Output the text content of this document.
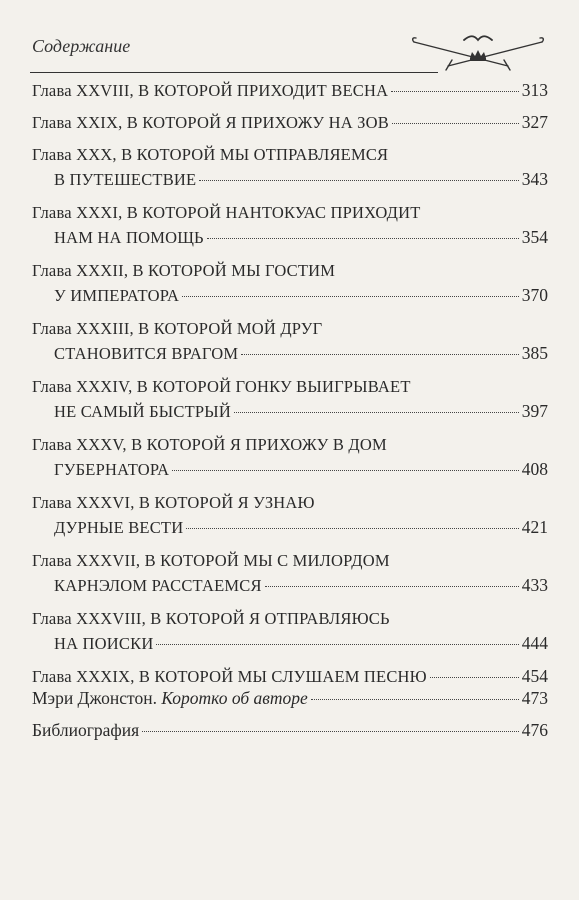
Содержание
Глава XXVIII, В КОТОРОЙ ПРИХОДИТ ВЕСНА	313
Глава XXIX, В КОТОРОЙ Я ПРИХОЖУ НА ЗОВ	327
Глава XXX, В КОТОРОЙ МЫ ОТПРАВЛЯЕМСЯ
В ПУТЕШЕСТВИЕ	343
Глава XXXI, В КОТОРОЙ НАНТОКУАС ПРИХОДИТ
НАМ НА ПОМОЩЬ	354
Глава XXXII, В КОТОРОЙ МЫ ГОСТИМ
У ИМПЕРАТОРА	370
Глава XXXIII, В КОТОРОЙ МОЙ ДРУГ
СТАНОВИТСЯ ВРАГОМ	385
Глава XXXIV, В КОТОРОЙ ГОНКУ ВЫИГРЫВАЕТ
НЕ САМЫЙ БЫСТРЫЙ	397
Глава XXXV, В КОТОРОЙ Я ПРИХОЖУ В ДОМ
ГУБЕРНАТОРА	408
Глава XXXVI, В КОТОРОЙ Я УЗНАЮ
ДУРНЫЕ ВЕСТИ	421
Глава XXXVII, В КОТОРОЙ МЫ С МИЛОРДОМ
КАРНЭЛОМ РАССТАЕМСЯ	433
Глава XXXVIII, В КОТОРОЙ Я ОТПРАВЛЯЮСЬ
НА ПОИСКИ	444
Глава XXXIX, В КОТОРОЙ МЫ СЛУШАЕМ ПЕСНЮ	454
Мэри Джонстон. Коротко об авторе	473
Библиография	476
